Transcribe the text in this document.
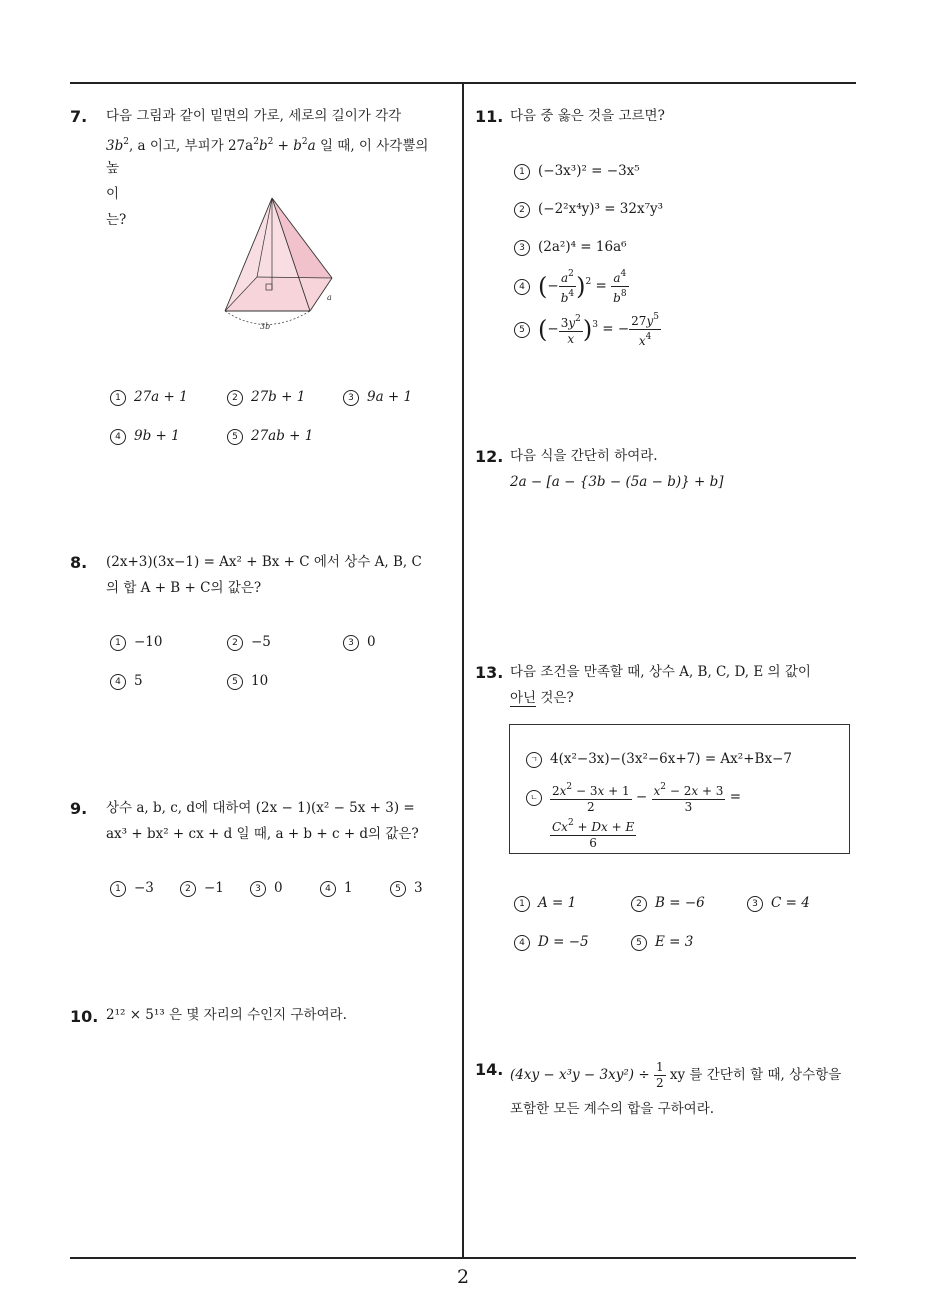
2
7. 다음 그림과 같이 밑면의 가로, 세로의 길이가 각각
$3b^2$, a 이고, 부피가 $27a^2b^2 + b^2a$ 일 때, 이 사각뿔의
높이는?
a
3b
1 27a + 1	2 27b + 1	3 9a + 1
4 9b + 1	5 27ab + 1
8. (2x+3)(3x−1) = Ax² + Bx + C 에서 상수 A, B, C
의 합 A + B + C의 값은?
1 −10	2 −5	3 0
4 5	5 10
9. 상수 a, b, c, d에 대하여 (2x − 1)(x² − 5x + 3) =
ax³ + bx² + cx + d 일 때, a + b + c + d의 값은?
1 −3	2 −1	3 0	4 1	5 3
10. 2¹² × 5¹³ 은 몇 자리의 수인지 구하여라.
11. 다음 중 옳은 것을 고르면?
1 (−3x³)² = −3x⁵
2 (−2²x⁴y)³ = 32x⁷y³
3 (2a²)⁴ = 16a⁶
4 (− $\frac{a^2}{b^4} )^2 = \frac{a^4}{b^8}$
5 (− $\frac{3y^2}{x} )^3$ = − $\frac{27y^5}{x^4}$
12. 다음 식을 간단히 하여라.
2a − [a − {3b − (5a − b)} + b]
13. 다음 조건을 만족할 때, 상수 A, B, C, D, E 의 값이
아닌 것은?
ㄱ 4(x²−3x)−(3x²−6x+7) = Ax²+Bx−7
ㄴ $\frac{2x^2 - 3x + 1}{2} - \frac{x^2 - 2x + 3}{3}$ =
$\frac{Cx^2 + Dx + E}{6}$
1 A = 1	2 B = −6	3 C = 4
4 D = −5	5 E = 3
14. $(4xy - x^3y - 3xy^2) \div \frac{1}{2}$ xy 를 간단히 할 때, 상수항을
포함한 모든 계수의 합을 구하여라.
